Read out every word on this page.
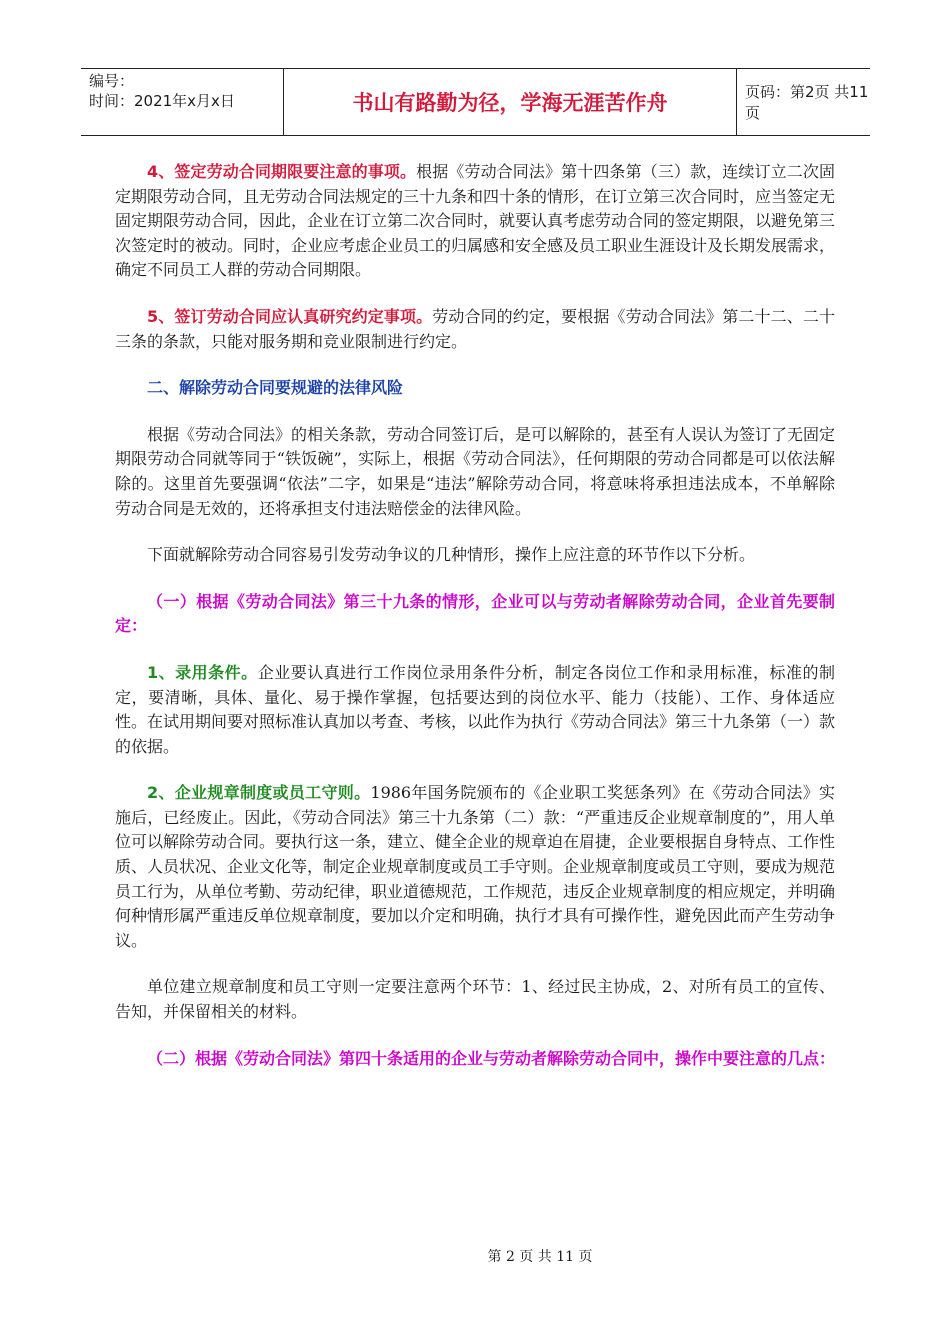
编号：
时间：2021年x月x日	书山有路勤为径，学海无涯苦作舟	页码：第2页 共11页

4、签定劳动合同期限要注意的事项。根据《劳动合同法》第十四条第（三）款，连续订立二次固定期限劳动合同，且无劳动合同法规定的三十九条和四十条的情形，在订立第三次合同时，应当签定无固定期限劳动合同，因此，企业在订立第二次合同时，就要认真考虑劳动合同的签定期限，以避免第三次签定时的被动。同时，企业应考虑企业员工的归属感和安全感及员工职业生涯设计及长期发展需求，确定不同员工人群的劳动合同期限。

5、签订劳动合同应认真研究约定事项。劳动合同的约定，要根据《劳动合同法》第二十二、二十三条的条款，只能对服务期和竞业限制进行约定。

二、解除劳动合同要规避的法律风险

根据《劳动合同法》的相关条款，劳动合同签订后，是可以解除的，甚至有人误认为签订了无固定期限劳动合同就等同于“铁饭碗”，实际上，根据《劳动合同法》，任何期限的劳动合同都是可以依法解除的。这里首先要强调“依法”二字，如果是“违法”解除劳动合同，将意味将承担违法成本，不单解除劳动合同是无效的，还将承担支付违法赔偿金的法律风险。

下面就解除劳动合同容易引发劳动争议的几种情形，操作上应注意的环节作以下分析。

（一）根据《劳动合同法》第三十九条的情形，企业可以与劳动者解除劳动合同，企业首先要制定：

1、录用条件。企业要认真进行工作岗位录用条件分析，制定各岗位工作和录用标准，标准的制定，要清晰，具体、量化、易于操作掌握，包括要达到的岗位水平、能力（技能）、工作、身体适应性。在试用期间要对照标准认真加以考查、考核，以此作为执行《劳动合同法》第三十九条第（一）款的依据。

2、企业规章制度或员工守则。1986年国务院颁布的《企业职工奖惩条列》在《劳动合同法》实施后，已经废止。因此，《劳动合同法》第三十九条第（二）款：“严重违反企业规章制度的”，用人单位可以解除劳动合同。要执行这一条，建立、健全企业的规章迫在眉捷，企业要根据自身特点、工作性质、人员状况、企业文化等，制定企业规章制度或员工手守则。企业规章制度或员工守则，要成为规范员工行为，从单位考勤、劳动纪律，职业道德规范，工作规范，违反企业规章制度的相应规定，并明确何种情形属严重违反单位规章制度，要加以介定和明确，执行才具有可操作性，避免因此而产生劳动争议。

单位建立规章制度和员工守则一定要注意两个环节：1、经过民主协成，2、对所有员工的宣传、告知，并保留相关的材料。

（二）根据《劳动合同法》第四十条适用的企业与劳动者解除劳动合同中，操作中要注意的几点：

第 2 页 共 11 页
